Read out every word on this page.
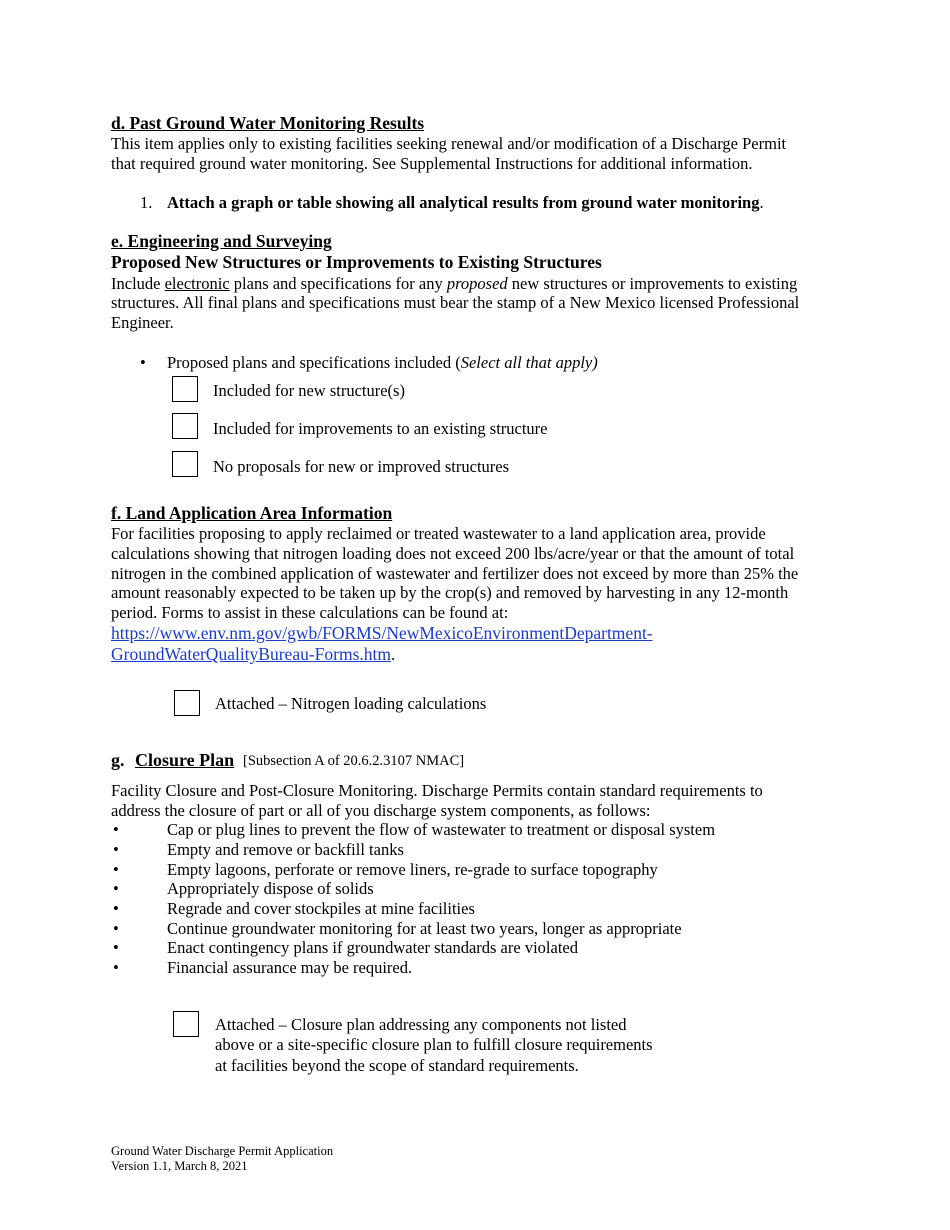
d. Past Ground Water Monitoring Results
This item applies only to existing facilities seeking renewal and/or modification of a Discharge Permit
that required ground water monitoring. See Supplemental Instructions for additional information.
1. Attach a graph or table showing all analytical results from ground water monitoring.
e. Engineering and Surveying
Proposed New Structures or Improvements to Existing Structures
Include electronic plans and specifications for any proposed new structures or improvements to existing
structures. All final plans and specifications must bear the stamp of a New Mexico licensed Professional
Engineer.
• Proposed plans and specifications included (Select all that apply)
Included for new structure(s)
Included for improvements to an existing structure
No proposals for new or improved structures
f. Land Application Area Information
For facilities proposing to apply reclaimed or treated wastewater to a land application area, provide
calculations showing that nitrogen loading does not exceed 200 lbs/acre/year or that the amount of total
nitrogen in the combined application of wastewater and fertilizer does not exceed by more than 25% the
amount reasonably expected to be taken up by the crop(s) and removed by harvesting in any 12-month
period. Forms to assist in these calculations can be found at:
https://www.env.nm.gov/gwb/FORMS/NewMexicoEnvironmentDepartment-
GroundWaterQualityBureau-Forms.htm.
Attached – Nitrogen loading calculations
g. Closure Plan [Subsection A of 20.6.2.3107 NMAC]
Facility Closure and Post-Closure Monitoring. Discharge Permits contain standard requirements to
address the closure of part or all of you discharge system components, as follows:
•	Cap or plug lines to prevent the flow of wastewater to treatment or disposal system
•	Empty and remove or backfill tanks
•	Empty lagoons, perforate or remove liners, re-grade to surface topography
•	Appropriately dispose of solids
•	Regrade and cover stockpiles at mine facilities
•	Continue groundwater monitoring for at least two years, longer as appropriate
•	Enact contingency plans if groundwater standards are violated
•	Financial assurance may be required.
Attached – Closure plan addressing any components not listed
above or a site-specific closure plan to fulfill closure requirements
at facilities beyond the scope of standard requirements.
Ground Water Discharge Permit Application
Version 1.1, March 8, 2021
